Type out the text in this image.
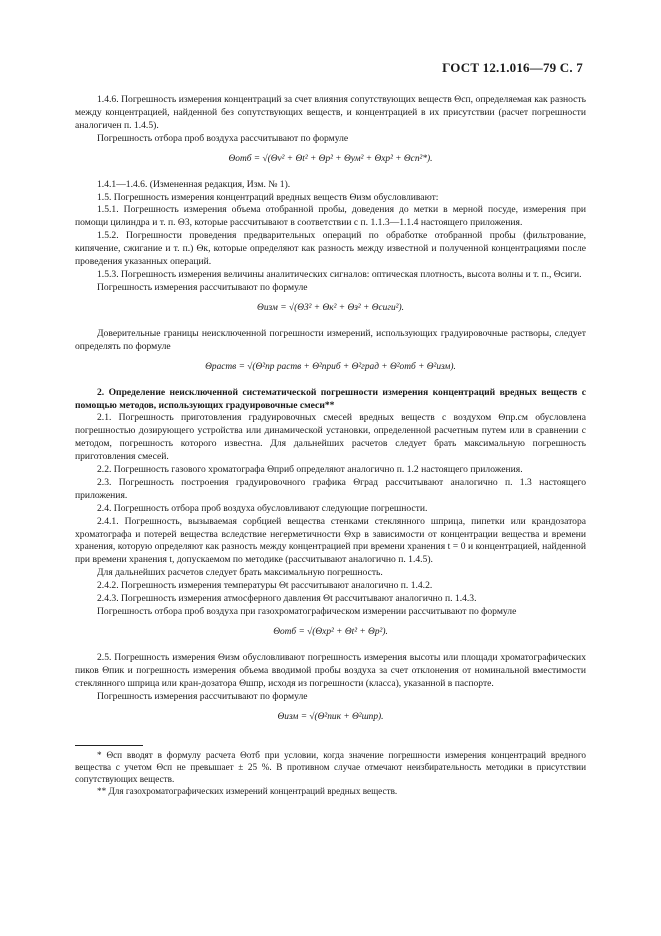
ГОСТ 12.1.016—79 С. 7

1.4.6. Погрешность измерения концентраций за счет влияния сопутствующих веществ Θсп, определяемая как разность между концентрацией, найденной без сопутствующих веществ, и концентрацией в их присутствии (расчет погрешности аналогичен п. 1.4.5).

Погрешность отбора проб воздуха рассчитывают по формуле

Θотб = √(Θv² + Θt² + Θр² + Θум² + Θхр² + Θсп²*).

1.4.1—1.4.6. (Измененная редакция, Изм. № 1).

1.5. Погрешность измерения концентраций вредных веществ Θизм обусловливают:

1.5.1. Погрешность измерения объема отобранной пробы, доведения до метки в мерной посуде, измерения при помощи цилиндра и т. п. Θ3, которые рассчитывают в соответствии с п. 1.1.3—1.1.4 настоящего приложения.

1.5.2. Погрешности проведения предварительных операций по обработке отобранной пробы (фильтрование, кипячение, сжигание и т. п.) Θк, которые определяют как разность между известной и полученной концентрациями после проведения указанных операций.

1.5.3. Погрешность измерения величины аналитических сигналов: оптическая плотность, высота волны и т. п., Θсиги.

Погрешность измерения рассчитывают по формуле

Θизм = √(Θ3² + Θк² + Θз² + Θсиги²).

Доверительные границы неисключенной погрешности измерений, использующих градуировочные растворы, следует определять по формуле

Θраств = √(Θ²пр раств + Θ²приб + Θ²град + Θ²отб + Θ²изм).

2. Определение неисключенной систематической погрешности измерения концентраций вредных веществ с помощью методов, использующих градуировочные смеси**

2.1. Погрешность приготовления градуировочных смесей вредных веществ с воздухом Θпр.см обусловлена погрешностью дозирующего устройства или динамической установки, определенной расчетным путем или в сравнении с методом, погрешность которого известна. Для дальнейших расчетов следует брать максимальную погрешность приготовления смесей.

2.2. Погрешность газового хроматографа Θприб определяют аналогично п. 1.2 настоящего приложения.

2.3. Погрешность построения градуировочного графика Θград рассчитывают аналогично п. 1.3 настоящего приложения.

2.4. Погрешность отбора проб воздуха обусловливают следующие погрешности.

2.4.1. Погрешность, вызываемая сорбцией вещества стенками стеклянного шприца, пипетки или крандозатора хроматографа и потерей вещества вследствие негерметичности Θхр в зависимости от концентрации вещества и времени хранения, которую определяют как разность между концентрацией при времени хранения t = 0 и концентрацией, найденной при времени хранения t, допускаемом по методике (рассчитывают аналогично п. 1.4.5).

Для дальнейших расчетов следует брать максимальную погрешность.

2.4.2. Погрешность измерения температуры Θt рассчитывают аналогично п. 1.4.2.

2.4.3. Погрешность измерения атмосферного давления Θt рассчитывают аналогично п. 1.4.3.

Погрешность отбора проб воздуха при газохроматографическом измерении рассчитывают по формуле

Θотб = √(Θхр² + Θt² + Θр²).

2.5. Погрешность измерения Θизм обусловливают погрешность измерения высоты или площади хроматографических пиков Θпик и погрешность измерения объема вводимой пробы воздуха за счет отклонения от номинальной вместимости стеклянного шприца или кран-дозатора Θшпр, исходя из погрешности (класса), указанной в паспорте.

Погрешность измерения рассчитывают по формуле

Θизм = √(Θ²пик + Θ²шпр).

* Θсп вводят в формулу расчета Θотб при условии, когда значение погрешности измерения концентраций вредного вещества с учетом Θсп не превышает ± 25 %. В противном случае отмечают неизбирательность методики в присутствии сопутствующих веществ.

** Для газохроматографических измерений концентраций вредных веществ.
